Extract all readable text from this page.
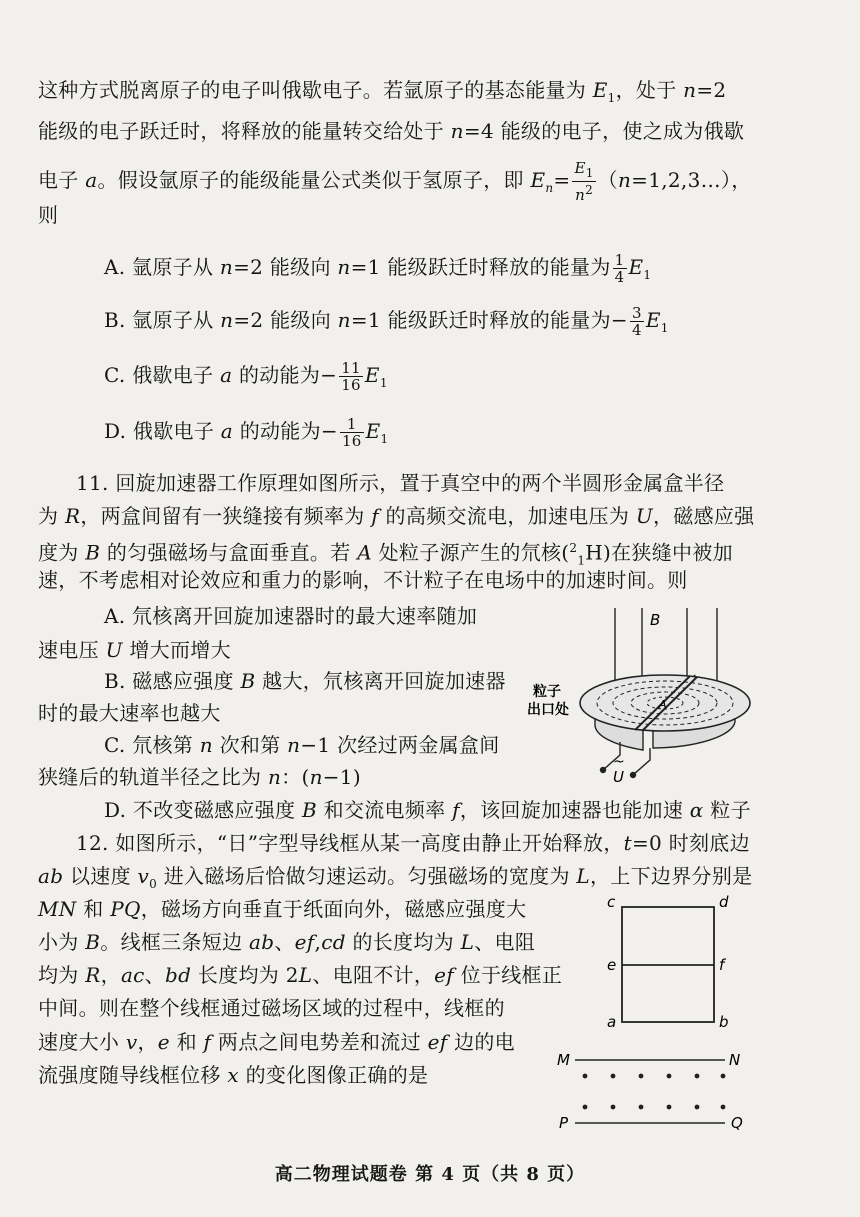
这种方式脱离原子的电子叫俄歇电子。若氩原子的基态能量为 $E_1$，处于 n=2
能级的电子跃迁时，将释放的能量转交给处于 n=4 能级的电子，使之成为俄歇
电子 a。假设氩原子的能级能量公式类似于氢原子，即 $E_n= \frac{E_1}{n^2}$ （n=1,2,3…），
则
A. 氩原子从 n=2 能级向 n=1 能级跃迁时释放的能量为 $\frac{1}{4} E_1$
B. 氩原子从 n=2 能级向 n=1 能级跃迁时释放的能量为− $\frac{3}{4} E_1$
C. 俄歇电子 a 的动能为− $\frac{11}{16} E_1$
D. 俄歇电子 a 的动能为− $\frac{1}{16} E_1$
11. 回旋加速器工作原理如图所示，置于真空中的两个半圆形金属盒半径
为 R，两盒间留有一狭缝接有频率为 f 的高频交流电，加速电压为 U，磁感应强
度为 B 的匀强磁场与盒面垂直。若 A 处粒子源产生的氘核($^2_1$H)在狭缝中被加
速，不考虑相对论效应和重力的影响，不计粒子在电场中的加速时间。则
A. 氘核离开回旋加速器时的最大速率随加
速电压 U 增大而增大
B. 磁感应强度 B 越大，氘核离开回旋加速器
时的最大速率也越大
C. 氘核第 n 次和第 n−1 次经过两金属盒间
狭缝后的轨道半径之比为 n：(n−1)
D. 不改变磁感应强度 B 和交流电频率 f，该回旋加速器也能加速 α 粒子
12. 如图所示，“日”字型导线框从某一高度由静止开始释放，t=0 时刻底边
ab 以速度 $v_0$ 进入磁场后恰做匀速运动。匀强磁场的宽度为 L，上下边界分别是
MN 和 PQ，磁场方向垂直于纸面向外，磁感应强度大
小为 B。线框三条短边 ab、ef,cd 的长度均为 L、电阻
均为 R，ac、bd 长度均为 2L、电阻不计，ef 位于线框正
中间。则在整个线框通过磁场区域的过程中，线框的
速度大小 v，e 和 f 两点之间电势差和流过 ef 边的电
流强度随导线框位移 x 的变化图像正确的是
B
A
粒子
出口处
~
U
c	d
e	f
a	b
M	N
P	Q
高二物理试题卷 第 4 页（共 8 页）
